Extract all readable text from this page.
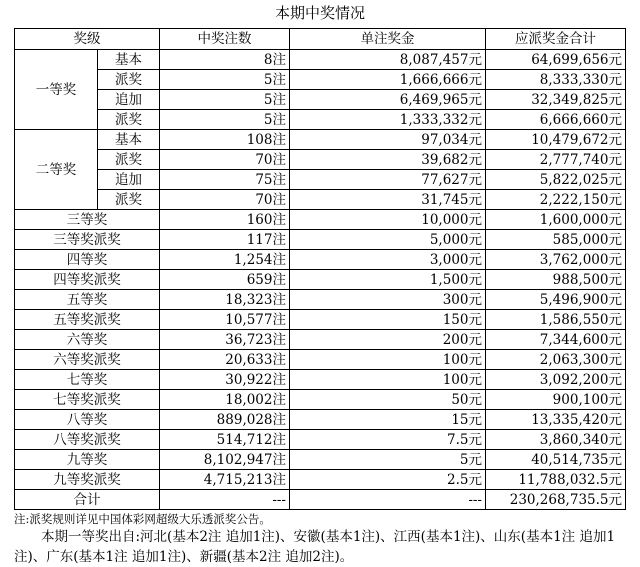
本期中奖情况
奖级		中奖注数	单注奖金	应派奖金合计
一等奖	基本	8注	8,087,457元	64,699,656元
	派奖	5注	1,666,666元	8,333,330元
	追加	5注	6,469,965元	32,349,825元
	派奖	5注	1,333,332元	6,666,660元
二等奖	基本	108注	97,034元	10,479,672元
	派奖	70注	39,682元	2,777,740元
	追加	75注	77,627元	5,822,025元
	派奖	70注	31,745元	2,222,150元
三等奖		160注	10,000元	1,600,000元
三等奖派奖		117注	5,000元	585,000元
四等奖		1,254注	3,000元	3,762,000元
四等奖派奖		659注	1,500元	988,500元
五等奖		18,323注	300元	5,496,900元
五等奖派奖		10,577注	150元	1,586,550元
六等奖		36,723注	200元	7,344,600元
六等奖派奖		20,633注	100元	2,063,300元
七等奖		30,922注	100元	3,092,200元
七等奖派奖		18,002注	50元	900,100元
八等奖		889,028注	15元	13,335,420元
八等奖派奖		514,712注	7.5元	3,860,340元
九等奖		8,102,947注	5元	40,514,735元
九等奖派奖		4,715,213注	2.5元	11,788,032.5元
合计		---	---	230,268,735.5元
注:派奖规则详见中国体彩网超级大乐透派奖公告。
本期一等奖出自:河北(基本2注 追加1注)、安徽(基本1注)、江西(基本1注)、山东(基本1注 追加1注)、广东(基本1注 追加1注)、新疆(基本2注 追加2注)。
